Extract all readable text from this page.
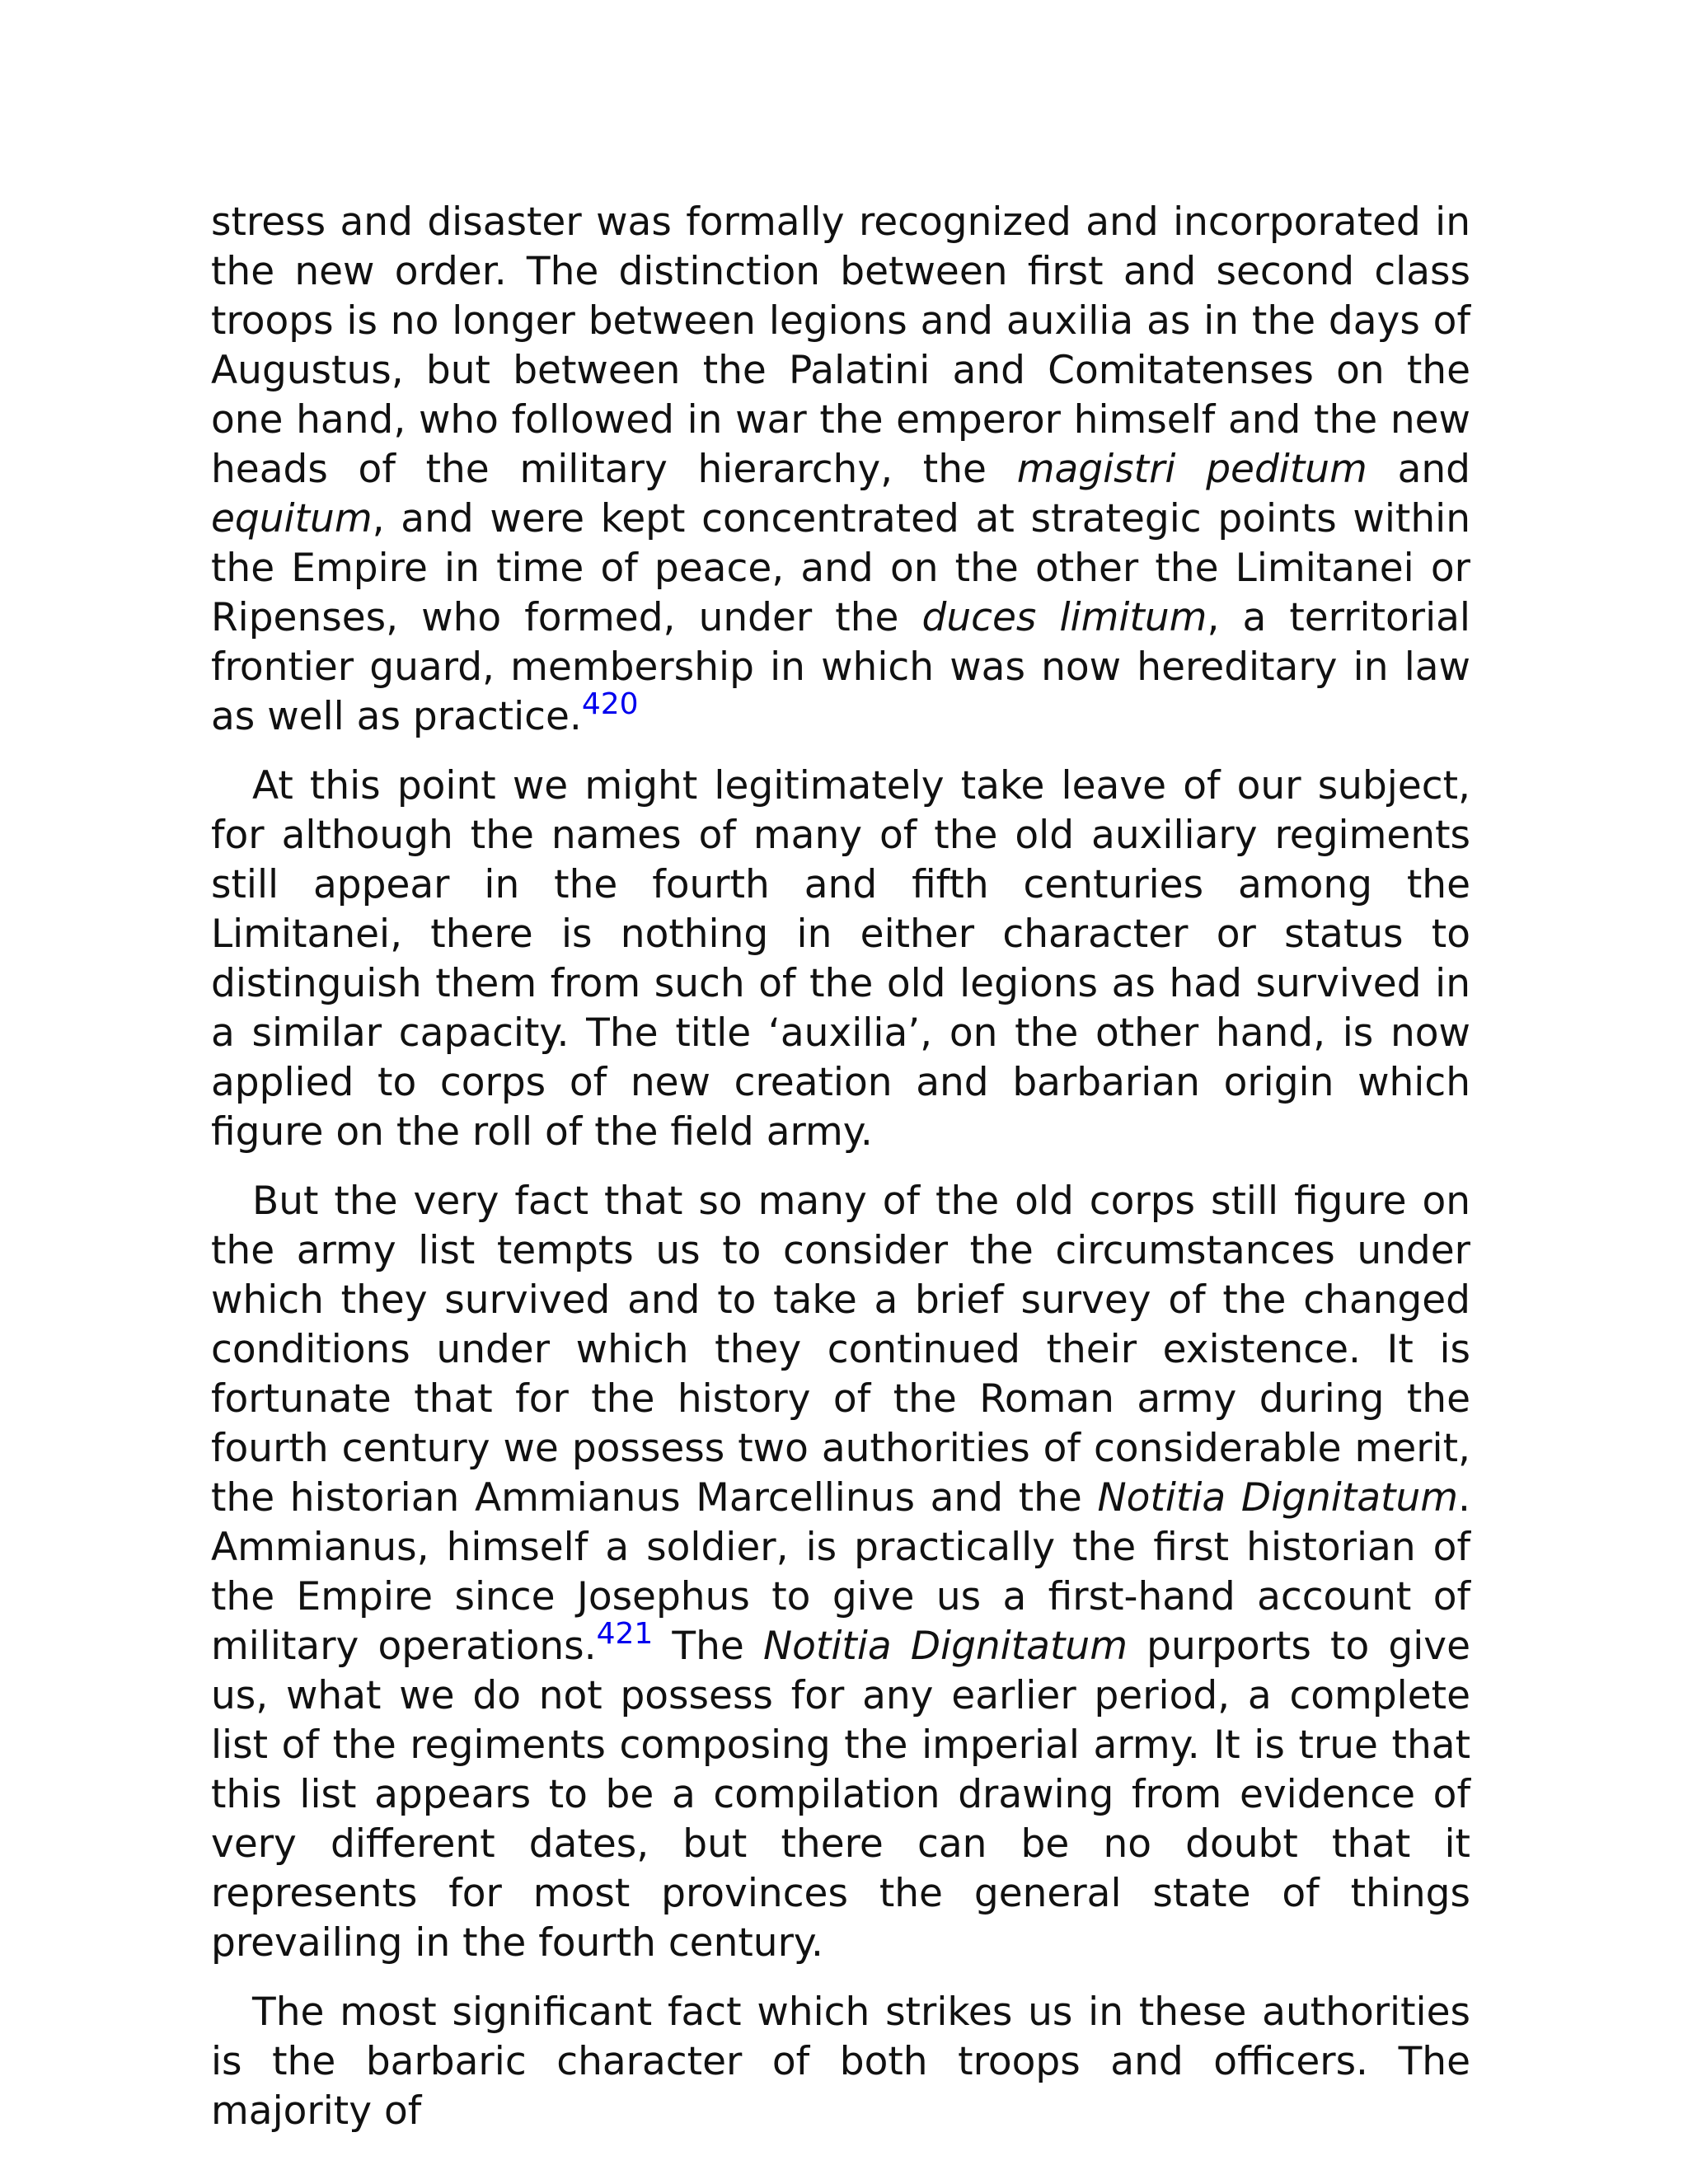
stress and disaster was formally recognized and incorporated in the new order. The distinction between first and second class troops is no longer between legions and auxilia as in the days of Augustus, but between the Palatini and Comitatenses on the one hand, who followed in war the emperor himself and the new heads of the military hierarchy, the magistri peditum and equitum, and were kept concentrated at strategic points within the Empire in time of peace, and on the other the Limitanei or Ripenses, who formed, under the duces limitum, a territorial frontier guard, membership in which was now hereditary in law as well as practice.$^{420}$

At this point we might legitimately take leave of our subject, for although the names of many of the old auxiliary regiments still appear in the fourth and fifth centuries among the Limitanei, there is nothing in either character or status to distinguish them from such of the old legions as had survived in a similar capacity. The title ‘auxilia’, on the other hand, is now applied to corps of new creation and barbarian origin which figure on the roll of the field army.

But the very fact that so many of the old corps still figure on the army list tempts us to consider the circumstances under which they survived and to take a brief survey of the changed conditions under which they continued their existence. It is fortunate that for the history of the Roman army during the fourth century we possess two authorities of considerable merit, the historian Ammianus Marcellinus and the Notitia Dignitatum. Ammianus, himself a soldier, is practically the first historian of the Empire since Josephus to give us a first-hand account of military operations.$^{421}$ The Notitia Dignitatum purports to give us, what we do not possess for any earlier period, a complete list of the regiments composing the imperial army. It is true that this list appears to be a compilation drawing from evidence of very different dates, but there can be no doubt that it represents for most provinces the general state of things prevailing in the fourth century.

The most significant fact which strikes us in these authorities is the barbaric character of both troops and officers. The majority of
